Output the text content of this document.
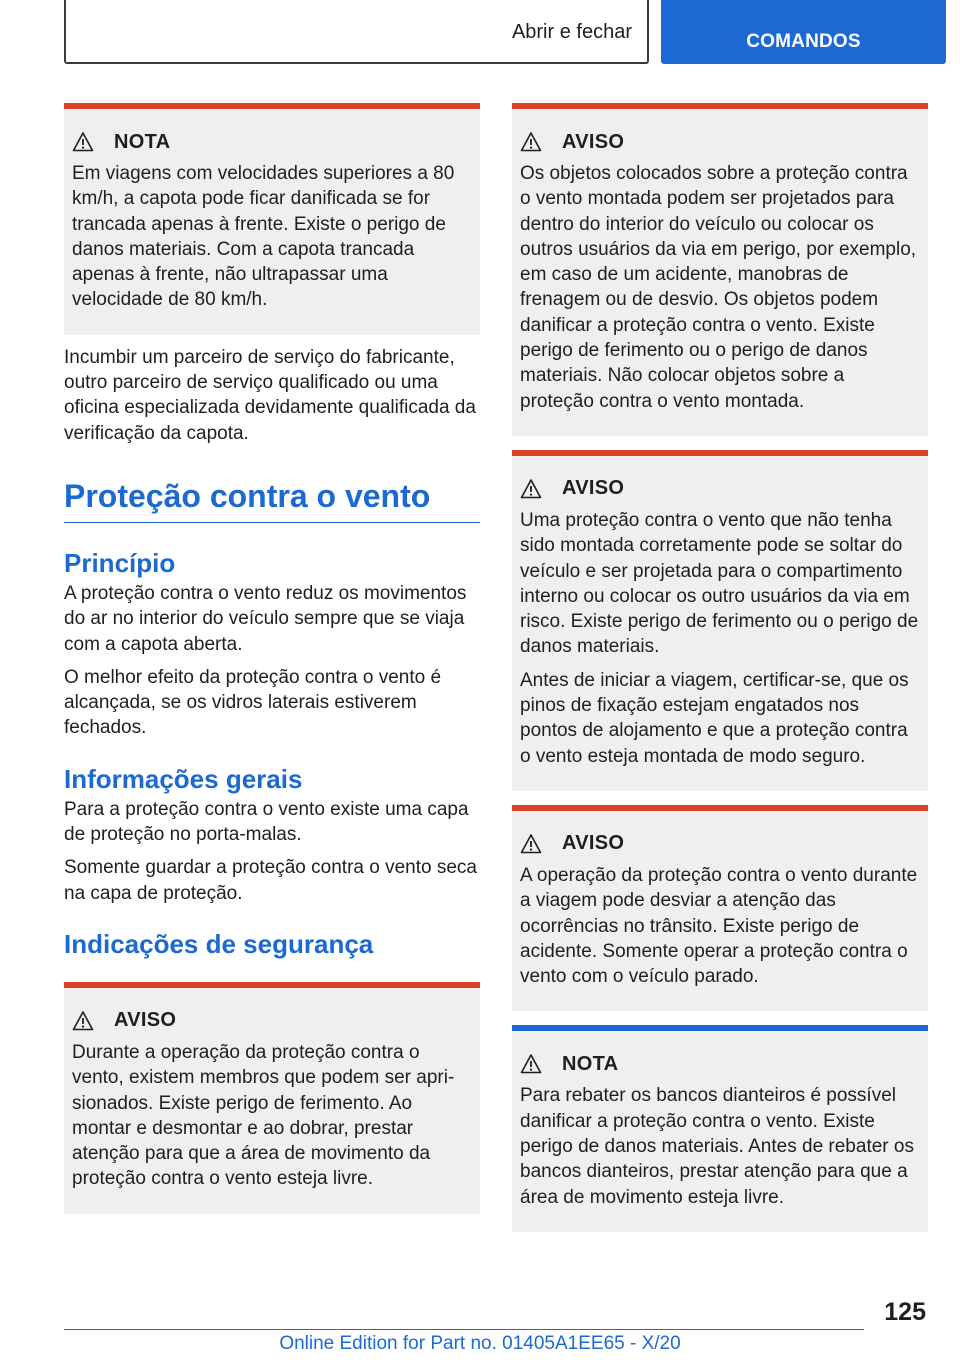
Abrir e fechar	COMANDOS
NOTA
Em viagens com velocidades superiores a 80 km/h, a capota pode ficar danificada se for trancada apenas à frente. Existe o perigo de danos materiais. Com a capota trancada apenas à frente, não ultrapassar uma velocidade de 80 km/h.
Incumbir um parceiro de serviço do fabricante, outro parceiro de serviço qualificado ou uma oficina especializada devidamente qualificada da verificação da capota.
Proteção contra o vento
Princípio
A proteção contra o vento reduz os movimentos do ar no interior do veículo sempre que se viaja com a capota aberta.
O melhor efeito da proteção contra o vento é alcançada, se os vidros laterais estiverem fechados.
Informações gerais
Para a proteção contra o vento existe uma capa de proteção no porta-malas.
Somente guardar a proteção contra o vento seca na capa de proteção.
Indicações de segurança
AVISO
Durante a operação da proteção contra o vento, existem membros que podem ser aprisionados. Existe perigo de ferimento. Ao montar e desmontar e ao dobrar, prestar atenção para que a área de movimento da proteção contra o vento esteja livre.
AVISO
Os objetos colocados sobre a proteção contra o vento montada podem ser projetados para dentro do interior do veículo ou colocar os outros usuários da via em perigo, por exemplo, em caso de um acidente, manobras de frenagem ou de desvio. Os objetos podem danificar a proteção contra o vento. Existe perigo de ferimento ou o perigo de danos materiais. Não colocar objetos sobre a proteção contra o vento montada.
AVISO
Uma proteção contra o vento que não tenha sido montada corretamente pode se soltar do veículo e ser projetada para o compartimento interno ou colocar os outro usuários da via em risco. Existe perigo de ferimento ou o perigo de danos materiais.
Antes de iniciar a viagem, certificar-se, que os pinos de fixação estejam engatados nos pontos de alojamento e que a proteção contra o vento esteja montada de modo seguro.
AVISO
A operação da proteção contra o vento durante a viagem pode desviar a atenção das ocorrências no trânsito. Existe perigo de acidente. Somente operar a proteção contra o vento com o veículo parado.
NOTA
Para rebater os bancos dianteiros é possível danificar a proteção contra o vento. Existe perigo de danos materiais. Antes de rebater os bancos dianteiros, prestar atenção para que a área de movimento esteja livre.
125
Online Edition for Part no. 01405A1EE65 - X/20
